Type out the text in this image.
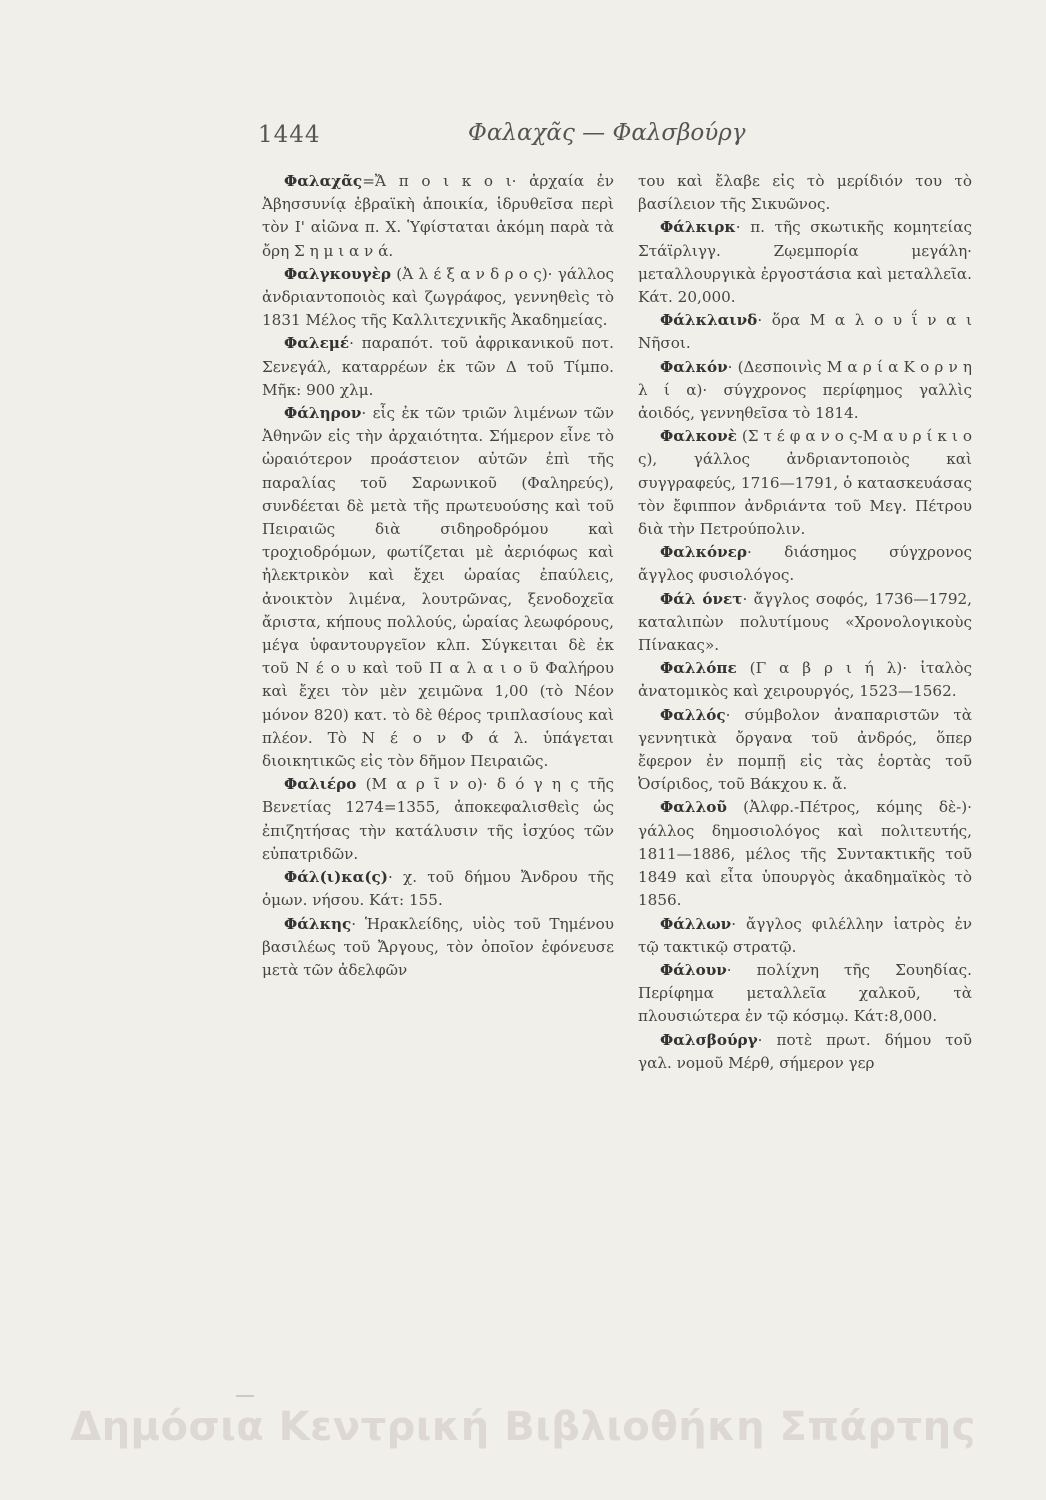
1444	Φαλαχᾶς — Φαλσβούργ

Φαλαχᾶς=Ἄ π ο ι κ ο ι· ἀρχαία ἐν Ἀβησσυνίᾳ ἑβραϊκὴ ἀποικία, ἱδρυθεῖσα περὶ τὸν Ι' αἰῶνα π. Χ. Ὑφίσταται ἀκόμη παρὰ τὰ ὄρη Σ η μ ι α ν ά.

Φαλγκουγὲρ (Ἀ λ έ ξ α ν δ ρ ο ς)· γάλλος ἀνδριαντοποιὸς καὶ ζωγράφος, γεννηθεὶς τὸ 1831 Μέλος τῆς Καλλιτεχνικῆς Ἀκαδημείας.

Φαλεμέ· παραπότ. τοῦ ἀφρικανικοῦ ποτ. Σενεγάλ, καταρρέων ἐκ τῶν Δ τοῦ Τίμπο. Μῆκ: 900 χλμ.

Φάληρον· εἷς ἐκ τῶν τριῶν λιμένων τῶν Ἀθηνῶν εἰς τὴν ἀρχαιότητα. Σήμερον εἶνε τὸ ὡραιότερον προάστειον αὐτῶν ἐπὶ τῆς παραλίας τοῦ Σαρωνικοῦ (Φαληρεύς), συνδέεται δὲ μετὰ τῆς πρωτευούσης καὶ τοῦ Πειραιῶς διὰ σιδηροδρόμου καὶ τροχιοδρόμων, φωτίζεται μὲ ἀεριόφως καὶ ἠλεκτρικὸν καὶ ἔχει ὡραίας ἐπαύλεις, ἀνοικτὸν λιμένα, λουτρῶνας, ξενοδοχεῖα ἄριστα, κήπους πολλούς, ὡραίας λεωφόρους, μέγα ὑφαντουργεῖον κλπ. Σύγκειται δὲ ἐκ τοῦ Ν έ ο υ καὶ τοῦ Π α λ α ι ο ῦ Φαλήρου καὶ ἔχει τὸν μὲν χειμῶνα 1,00 (τὸ Νέον μόνον 820) κατ. τὸ δὲ θέρος τριπλασίους καὶ πλέον. Τὸ Ν έ ο ν Φ ά λ. ὑπάγεται διοικητικῶς εἰς τὸν δῆμον Πειραιῶς.

Φαλιέρο (Μ α ρ ῖ ν ο)· δ ό γ η ς τῆς Βενετίας 1274=1355, ἀποκεφαλισθεὶς ὡς ἐπιζητήσας τὴν κατάλυσιν τῆς ἰσχύος τῶν εὐπατριδῶν.

Φάλ(ι)κα(ς)· χ. τοῦ δήμου Ἄνδρου τῆς ὁμων. νήσου. Κάτ: 155.

Φάλκης· Ἡρακλείδης, υἱὸς τοῦ Τημένου βασιλέως τοῦ Ἄργους, τὸν ὁποῖον ἐφόνευσε μετὰ τῶν ἀδελφῶν

του καὶ ἔλαβε εἰς τὸ μερίδιόν του τὸ βασίλειον τῆς Σικυῶνος.

Φάλκιρκ· π. τῆς σκωτικῆς κομητείας Στάϊρλιγγ. Ζῳεμπορία μεγάλη· μεταλλουργικὰ ἐργοστάσια καὶ μεταλλεῖα. Κάτ. 20,000.

Φάλκλαινδ· ὅρα Μ α λ ο υ ΐ ν α ι Νῆσοι.

Φαλκόν· (Δεσποινὶς Μ α ρ ί α Κ ο ρ ν η λ ί α)· σύγχρονος περίφημος γαλλὶς ἀοιδός, γεννηθεῖσα τὸ 1814.

Φαλκονὲ (Σ τ έ φ α ν ο ς-Μ α υ ρ ί κ ι ο ς), γάλλος ἀνδριαντοποιὸς καὶ συγγραφεύς, 1716—1791, ὁ κατασκευάσας τὸν ἔφιππον ἀνδριάντα τοῦ Μεγ. Πέτρου διὰ τὴν Πετρούπολιν.

Φαλκόνερ· διάσημος σύγχρονος ἄγγλος φυσιολόγος.

Φάλ όνετ· ἄγγλος σοφός, 1736—1792, καταλιπὼν πολυτίμους «Χρονολογικοὺς Πίνακας».

Φαλλόπε (Γ α β ρ ι ή λ)· ἰταλὸς ἀνατομικὸς καὶ χειρουργός, 1523—1562.

Φαλλός· σύμβολον ἀναπαριστῶν τὰ γεννητικὰ ὄργανα τοῦ ἀνδρός, ὅπερ ἔφερον ἐν πομπῇ εἰς τὰς ἑορτὰς τοῦ Ὀσίριδος, τοῦ Βάκχου κ. ἄ.

Φαλλοῦ (Ἀλφρ.-Πέτρος, κόμης δὲ-)· γάλλος δημοσιολόγος καὶ πολιτευτής, 1811—1886, μέλος τῆς Συντακτικῆς τοῦ 1849 καὶ εἶτα ὑπουργὸς ἀκαδημαϊκὸς τὸ 1856.

Φάλλων· ἄγγλος φιλέλλην ἰατρὸς ἐν τῷ τακτικῷ στρατῷ.

Φάλουν· πολίχνη τῆς Σουηδίας. Περίφημα μεταλλεῖα χαλκοῦ, τὰ πλουσιώτερα ἐν τῷ κόσμῳ. Κάτ:8,000.

Φαλσβούργ· ποτὲ πρωτ. δήμου τοῦ γαλ. νομοῦ Μέρθ, σήμερον γερ

Δημόσια Κεντρική Βιβλιοθήκη Σπάρτης
